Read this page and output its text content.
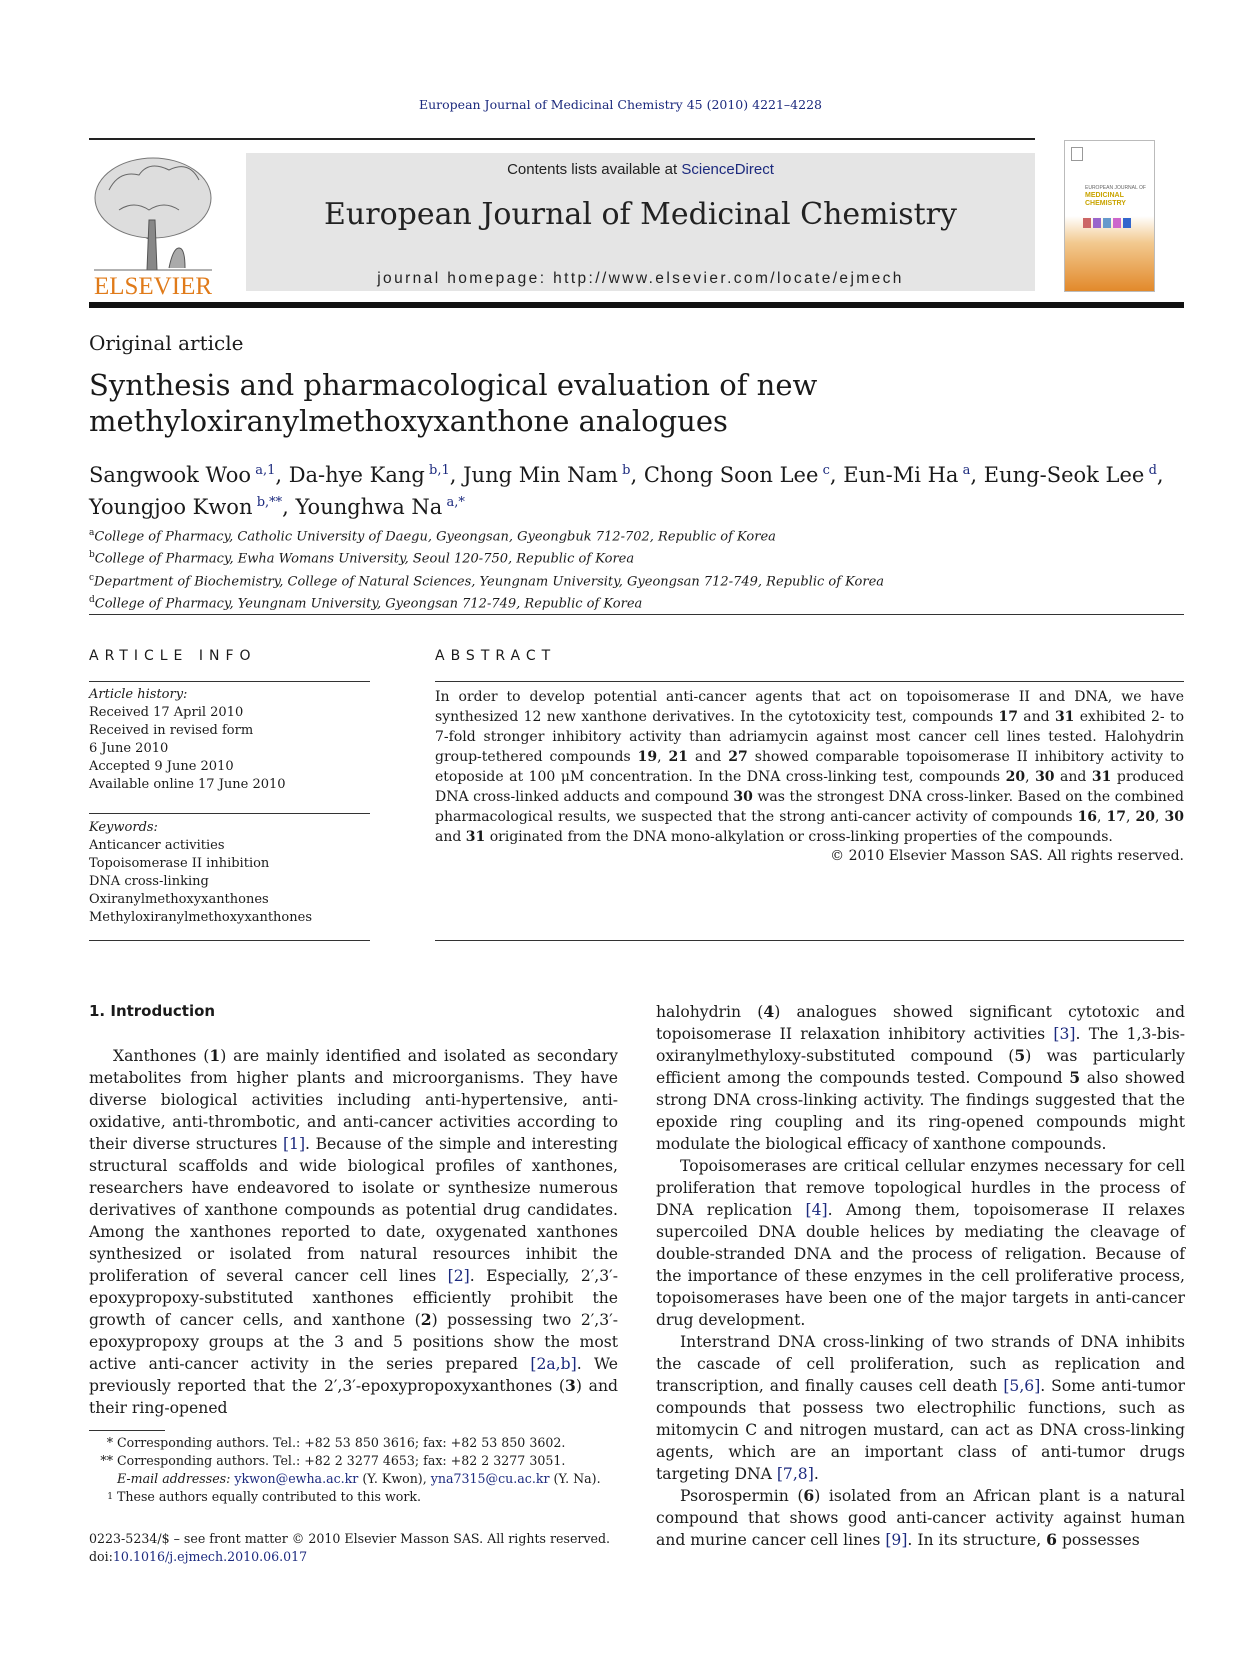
European Journal of Medicinal Chemistry 45 (2010) 4221–4228
ELSEVIER
Contents lists available at ScienceDirect
European Journal of Medicinal Chemistry
journal homepage: http://www.elsevier.com/locate/ejmech
EUROPEAN JOURNAL OF
MEDICINAL
CHEMISTRY
Original article
Synthesis and pharmacological evaluation of new methyloxiranylmethoxyxanthone analogues
Sangwook Woo  $^{a,1}$, Da-hye Kang  $^{b,1}$, Jung Min Nam  $^b$, Chong Soon Lee  $^c$, Eun-Mi Ha  $^a$, Eung-Seok Lee  $^d$,
Youngjoo Kwon  $^{b,**}$, Younghwa Na  $^{a,*}$
$^a$College of Pharmacy, Catholic University of Daegu, Gyeongsan, Gyeongbuk 712-702, Republic of Korea
$^b$College of Pharmacy, Ewha Womans University, Seoul 120-750, Republic of Korea
$^c$Department of Biochemistry, College of Natural Sciences, Yeungnam University, Gyeongsan 712-749, Republic of Korea
$^d$College of Pharmacy, Yeungnam University, Gyeongsan 712-749, Republic of Korea
ARTICLE INFO	ABSTRACT
Article history:
Received 17 April 2010
Received in revised form
6 June 2010
Accepted 9 June 2010
Available online 17 June 2010
Keywords:
Anticancer activities
Topoisomerase II inhibition
DNA cross-linking
Oxiranylmethoxyxanthones
Methyloxiranylmethoxyxanthones
In order to develop potential anti-cancer agents that act on topoisomerase II and DNA, we have synthesized 12 new xanthone derivatives. In the cytotoxicity test, compounds 17 and 31 exhibited 2- to 7-fold stronger inhibitory activity than adriamycin against most cancer cell lines tested. Halohydrin group-tethered compounds 19, 21 and 27 showed comparable topoisomerase II inhibitory activity to etoposide at 100 μM concentration. In the DNA cross-linking test, compounds 20, 30 and 31 produced DNA cross-linked adducts and compound 30 was the strongest DNA cross-linker. Based on the combined pharmacological results, we suspected that the strong anti-cancer activity of compounds 16, 17, 20, 30 and 31 originated from the DNA mono-alkylation or cross-linking properties of the compounds.
© 2010 Elsevier Masson SAS. All rights reserved.
1. Introduction

Xanthones (1) are mainly identified and isolated as secondary metabolites from higher plants and microorganisms. They have diverse biological activities including anti-hypertensive, anti-oxidative, anti-thrombotic, and anti-cancer activities according to their diverse structures [1]. Because of the simple and interesting structural scaffolds and wide biological profiles of xanthones, researchers have endeavored to isolate or synthesize numerous derivatives of xanthone compounds as potential drug candidates. Among the xanthones reported to date, oxygenated xanthones synthesized or isolated from natural resources inhibit the proliferation of several cancer cell lines [2]. Especially, 2′,3′-epoxypropoxy-substituted xanthones efficiently prohibit the growth of cancer cells, and xanthone (2) possessing two 2′,3′-epoxypropoxy groups at the 3 and 5 positions show the most active anti-cancer activity in the series prepared [2a,b]. We previously reported that the 2′,3′-epoxypropoxyxanthones (3) and their ring-opened

halohydrin (4) analogues showed significant cytotoxic and topoisomerase II relaxation inhibitory activities [3]. The 1,3-bis-oxiranylmethyloxy-substituted compound (5) was particularly efficient among the compounds tested. Compound 5 also showed strong DNA cross-linking activity. The findings suggested that the epoxide ring coupling and its ring-opened compounds might modulate the biological efficacy of xanthone compounds.

Topoisomerases are critical cellular enzymes necessary for cell proliferation that remove topological hurdles in the process of DNA replication [4]. Among them, topoisomerase II relaxes supercoiled DNA double helices by mediating the cleavage of double-stranded DNA and the process of religation. Because of the importance of these enzymes in the cell proliferative process, topoisomerases have been one of the major targets in anti-cancer drug development.

Interstrand DNA cross-linking of two strands of DNA inhibits the cascade of cell proliferation, such as replication and transcription, and finally causes cell death [5,6]. Some anti-tumor compounds that possess two electrophilic functions, such as mitomycin C and nitrogen mustard, can act as DNA cross-linking agents, which are an important class of anti-tumor drugs targeting DNA [7,8].

Psorospermin (6) isolated from an African plant is a natural compound that shows good anti-cancer activity against human and murine cancer cell lines [9]. In its structure, 6 possesses

* Corresponding authors. Tel.: +82 53 850 3616; fax: +82 53 850 3602.
** Corresponding authors. Tel.: +82 2 3277 4653; fax: +82 2 3277 3051.
E-mail addresses: ykwon@ewha.ac.kr (Y. Kwon), yna7315@cu.ac.kr (Y. Na).
1 These authors equally contributed to this work.
0223-5234/$ – see front matter © 2010 Elsevier Masson SAS. All rights reserved.
doi:10.1016/j.ejmech.2010.06.017
